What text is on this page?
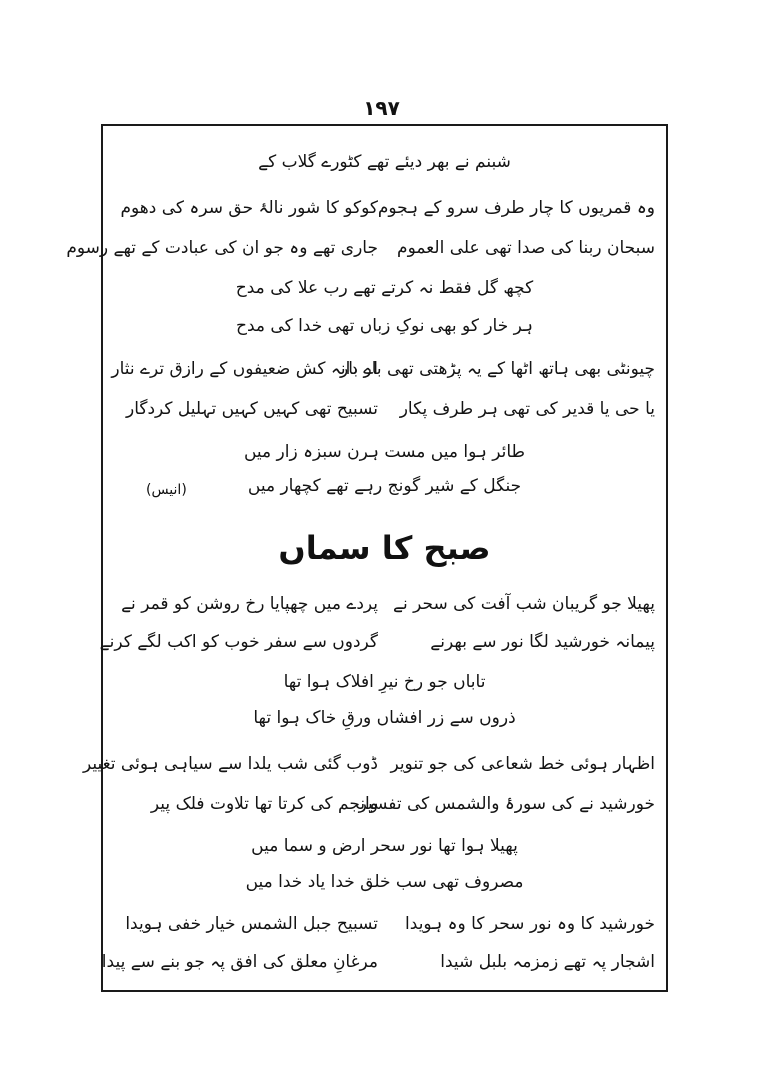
۱۹۷
شبنم نے بھر دیئے تھے کٹورے گلاب کے
وہ قمریوں کا چار طرف سرو کے ہجوم
کوکو کا شور نالۂ حق سرہ کی دھوم
سبحان ربنا کی صدا تھی علی العموم
جاری تھے وہ جو ان کی عبادت کے تھے رسوم
کچھ گل فقط نہ کرتے تھے رب علا کی مدح
ہر خار کو بھی نوکِ زباں تھی خدا کی مدح
چیونٹی بھی ہاتھ اٹھا کے یہ پڑھتی تھی بار بار
اے دانہ کش ضعیفوں کے رازق ترے نثار
یا حی یا قدیر کی تھی ہر طرف پکار
تسبیح تھی کہیں کہیں تہلیل کردگار
طائر ہوا میں مست ہرن سبزہ زار میں
جنگل کے شیر گونج رہے تھے کچھار میں
(انیس)
صبح کا سماں
پھیلا جو گریبان شب آفت کی سحر نے
پردے میں چھپایا رخ روشن کو قمر نے
پیمانہ خورشید لگا نور سے بھرنے
گردوں سے سفر خوب کو اکب لگے کرنے
تاباں جو رخ نیرِ افلاک ہوا تھا
ذروں سے زر افشاں ورقِ خاک ہوا تھا
اظہار ہوئی خط شعاعی کی جو تنویر
ڈوب گئی شب یلدا سے سیاہی ہوئی تغییر
خورشید نے کی سورۂ والشمس کی تفسیر
وانجم کی کرتا تھا تلاوت فلک پیر
پھیلا ہوا تھا نور سحر ارض و سما میں
مصروف تھی سب خلق خدا یاد خدا میں
خورشید کا وہ نور سحر کا وہ ہویدا
تسبیح جبل الشمس خیار خفی ہویدا
اشجار پہ تھے زمزمہ بلبل شیدا
مرغانِ معلق کی افق پہ جو بنے سے پیدا
